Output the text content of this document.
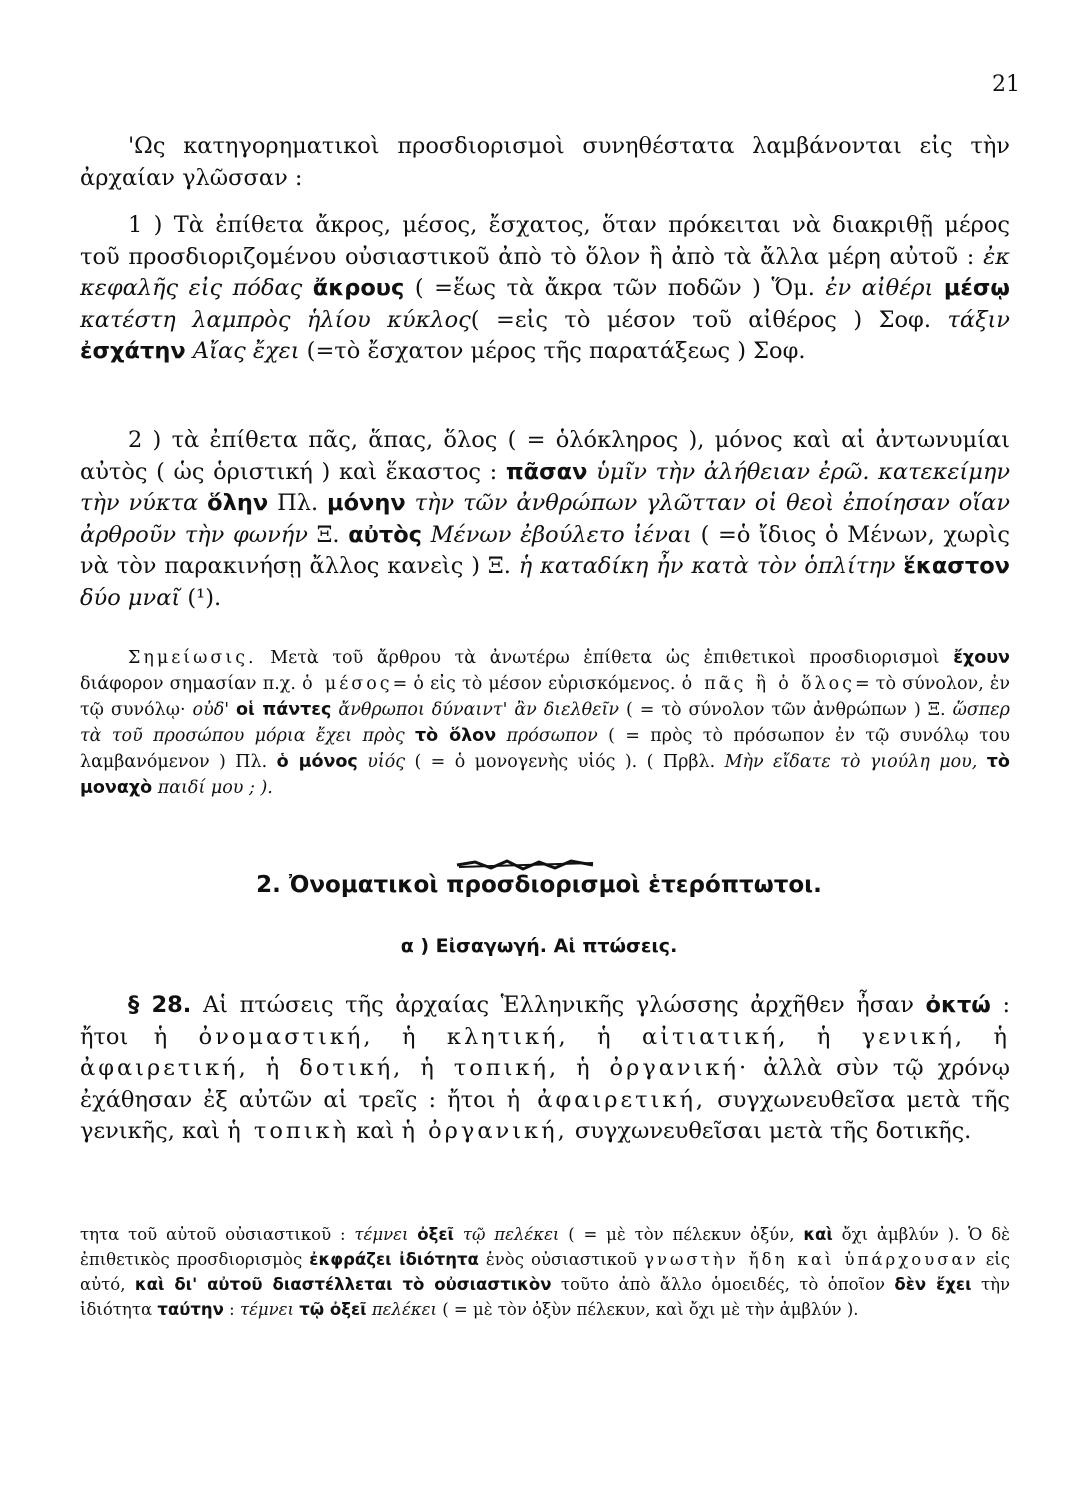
21
'Ως κατηγορηματικοὶ προσδιορισμοὶ συνηθέστατα λαμβάνονται εἰς τὴν ἀρχαίαν γλῶσσαν :
1 ) Τὰ ἐπίθετα ἄκρος, μέσος, ἔσχατος, ὅταν πρόκειται νὰ διακριθῇ μέρος τοῦ προσδιοριζομένου οὐσιαστικοῦ ἀπὸ τὸ ὅλον ἢ ἀπὸ τὰ ἄλλα μέρη αὐτοῦ : ἐκ κεφαλῆς εἰς πόδας ἄκρους ( =ἕως τὰ ἄκρα τῶν ποδῶν ) Ὅμ. ἐν αἰθέρι μέσῳ κατέστη λαμπρὸς ἡλίου κύκλος( =εἰς τὸ μέσον τοῦ αἰθέρος ) Σοφ. τάξιν ἐσχάτην Αἴας ἔχει (=τὸ ἔσχατον μέρος τῆς παρατάξεως ) Σοφ.
2 ) τὰ ἐπίθετα πᾶς, ἅπας, ὅλος ( = ὁλόκληρος ), μόνος καὶ αἱ ἀντωνυμίαι αὐτὸς ( ὡς ὁριστική ) καὶ ἕκαστος : πᾶσαν ὑμῖν τὴν ἀλήθειαν ἐρῶ. κατεκείμην τὴν νύκτα ὅλην Πλ. μόνην τὴν τῶν ἀνθρώπων γλῶτταν οἱ θεοὶ ἐποίησαν οἵαν ἀρθροῦν τὴν φωνήν Ξ. αὐτὸς Μένων ἐβούλετο ἰέναι ( =ὁ ἴδιος ὁ Μένων, χωρὶς νὰ τὸν παρακινήσῃ ἄλλος κανεὶς ) Ξ. ἡ καταδίκη ἦν κατὰ τὸν ὁπλίτην ἕκαστον δύο μναῖ (¹).
Σημείωσις. Μετὰ τοῦ ἄρθρου τὰ ἀνωτέρω ἐπίθετα ὡς ἐπιθετικοὶ προσδιορισμοὶ ἔχουν διάφορον σημασίαν π.χ. ὁ μέσος= ὁ εἰς τὸ μέσον εὑρισκόμενος. ὁ πᾶς ἢ ὁ ὅλος= τὸ σύνολον, ἐν τῷ συνόλῳ· οὐδ' οἱ πάντες ἄνθρωποι δύναιντ' ἂν διελθεῖν ( = τὸ σύνολον τῶν ἀνθρώπων ) Ξ. ὥσπερ τὰ τοῦ προσώπου μόρια ἔχει πρὸς τὸ ὅλον πρόσωπον ( = πρὸς τὸ πρόσωπον ἐν τῷ συνόλῳ του λαμβανόμενον ) Πλ. ὁ μόνος υἱός ( = ὁ μονογενὴς υἱός ). ( Πρβλ. Μὴν εἴδατε τὸ γιούλη μου, τὸ μοναχὸ παιδί μου ; ).
2. Ὀνοματικοὶ προσδιορισμοὶ ἑτερόπτωτοι.
α ) Εἰσαγωγή. Αἱ πτώσεις.
§ 28. Αἱ πτώσεις τῆς ἀρχαίας Ἑλληνικῆς γλώσσης ἀρχῆθεν ἦσαν ὀκτώ : ἤτοι ἡ ὀνομαστική, ἡ κλητική, ἡ αἰτιατική, ἡ γενική, ἡ ἀφαιρετική, ἡ δοτική, ἡ τοπική, ἡ ὀργανική· ἀλλὰ σὺν τῷ χρόνῳ ἐχάθησαν ἐξ αὐτῶν αἱ τρεῖς : ἤτοι ἡ ἀφαιρετική, συγχωνευθεῖσα μετὰ τῆς γενικῆς, καὶ ἡ τοπικὴ καὶ ἡ ὀργανική, συγχωνευθεῖσαι μετὰ τῆς δοτικῆς.
τητα τοῦ αὐτοῦ οὐσιαστικοῦ : τέμνει ὀξεῖ τῷ πελέκει ( = μὲ τὸν πέλεκυν ὀξύν, καὶ ὄχι ἀμβλύν ). Ὁ δὲ ἐπιθετικὸς προσδιορισμὸς ἐκφράζει ἰδιότητα ἑνὸς οὐσιαστικοῦ γνωστὴν ἤδη καὶ ὑπάρχουσαν εἰς αὐτό, καὶ δι' αὐτοῦ διαστέλλεται τὸ οὐσιαστικὸν τοῦτο ἀπὸ ἄλλο ὁμοειδές, τὸ ὁποῖον δὲν ἔχει τὴν ἰδιότητα ταύτην : τέμνει τῷ ὀξεῖ πελέκει ( = μὲ τὸν ὀξὺν πέλεκυν, καὶ ὄχι μὲ τὴν ἀμβλύν ).
